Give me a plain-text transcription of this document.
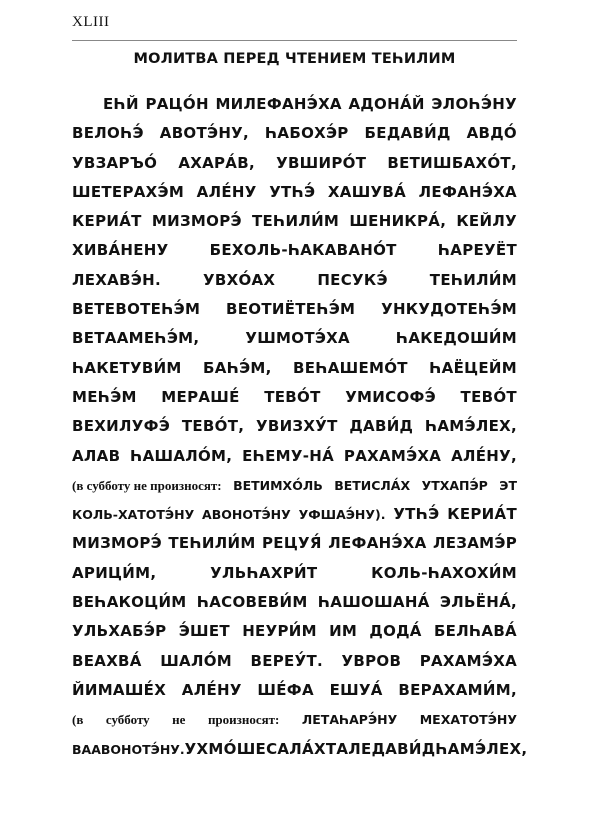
XLIII
МОЛИТВА ПЕРЕД ЧТЕНИЕМ ТЕҺИЛИМ
ЕҺЙ РАЦО́Н МИЛЕФАНЭ́ХА АДОНА́Й ЭЛОҺЭ́НУ
ВЕЛОҺЭ́ АВОТЭ́НУ, ҺАБОХЭ́Р БЕДАВИ́Д АВДО́
УВЗАРЪО́ АХАРА́В, УВШИРО́Т ВЕТИШБАХО́Т,
ШЕТЕРАХЭ́М АЛЕ́НУ УТҺЭ́ ХАШУВА́ ЛЕФАНЭ́ХА
КЕРИА́Т МИЗМОРЭ́ ТЕҺИЛИ́М ШЕНИКРА́, КЕЙЛУ
ХИВА́НЕНУ	БЕХОЛЬ-ҺАКАВАНО́Т	ҺАРЕУЁТ
ЛЕХАВЭ́Н.	УВХО́АХ	ПЕСУКЭ́	ТЕҺИЛИ́М
ВЕТЕВОТЕҺЭ́М ВЕОТИЁТЕҺЭ́М УНКУДОТЕҺЭ́М
ВЕТААМЕҺЭ́М,	УШМОТЭ́ХА	ҺАКЕДОШИ́М
ҺАКЕТУВИ́М БАҺЭ́М, ВЕҺАШЕМО́Т ҺАЁЦЕЙМ
МЕҺЭ́М МЕРАШЕ́ ТЕВО́Т УМИСОФЭ́ ТЕВО́Т
ВЕХИЛУФЭ́ ТЕВО́Т, УВИЗХУ́Т ДАВИ́Д ҺАМЭ́ЛЕХ,
АЛАВ ҺАШАЛО́М, ЕҺЕМУ-НА́ РАХАМЭ́ХА АЛЕ́НУ,
(в субботу не произносят: ВЕТИМХО́ЛЬ ВЕТИСЛА́Х УТХАПЭ́Р ЭТ
КОЛЬ-ХАТОТЭ́НУ АВОНОТЭ́НУ УФШАЭ́НУ). УТҺЭ́ КЕРИА́Т
МИЗМОРЭ́ ТЕҺИЛИ́М РЕЦУЯ́ ЛЕФАНЭ́ХА ЛЕЗАМЭ́Р
АРИЦИ́М,	УЛЬҺАХРИ́Т	КОЛЬ-ҺАХОХИ́М
ВЕҺАКОЦИ́М ҺАСОВЕВИ́М ҺАШОШАНА́ ЭЛЬЁНА́,
УЛЬХАБЭ́Р Э́ШЕТ НЕУРИ́М ИМ ДОДА́ БЕЛҺАВА́
ВЕАХВА́ ШАЛО́М ВЕРЕУ́Т. УВРОВ РАХАМЭ́ХА
ЙИМАШЕ́Х АЛЕ́НУ ШЕ́ФА ЕШУА́ ВЕРАХАМИ́М,
(в субботу не произносят: ЛЕТАҺАРЭ́НУ МЕХАТОТЭ́НУ
ВААВОНОТЭ́НУ. УХМО́ ШЕСАЛА́ХТА ЛЕДАВИ́Д ҺАМЭ́ЛЕХ,
